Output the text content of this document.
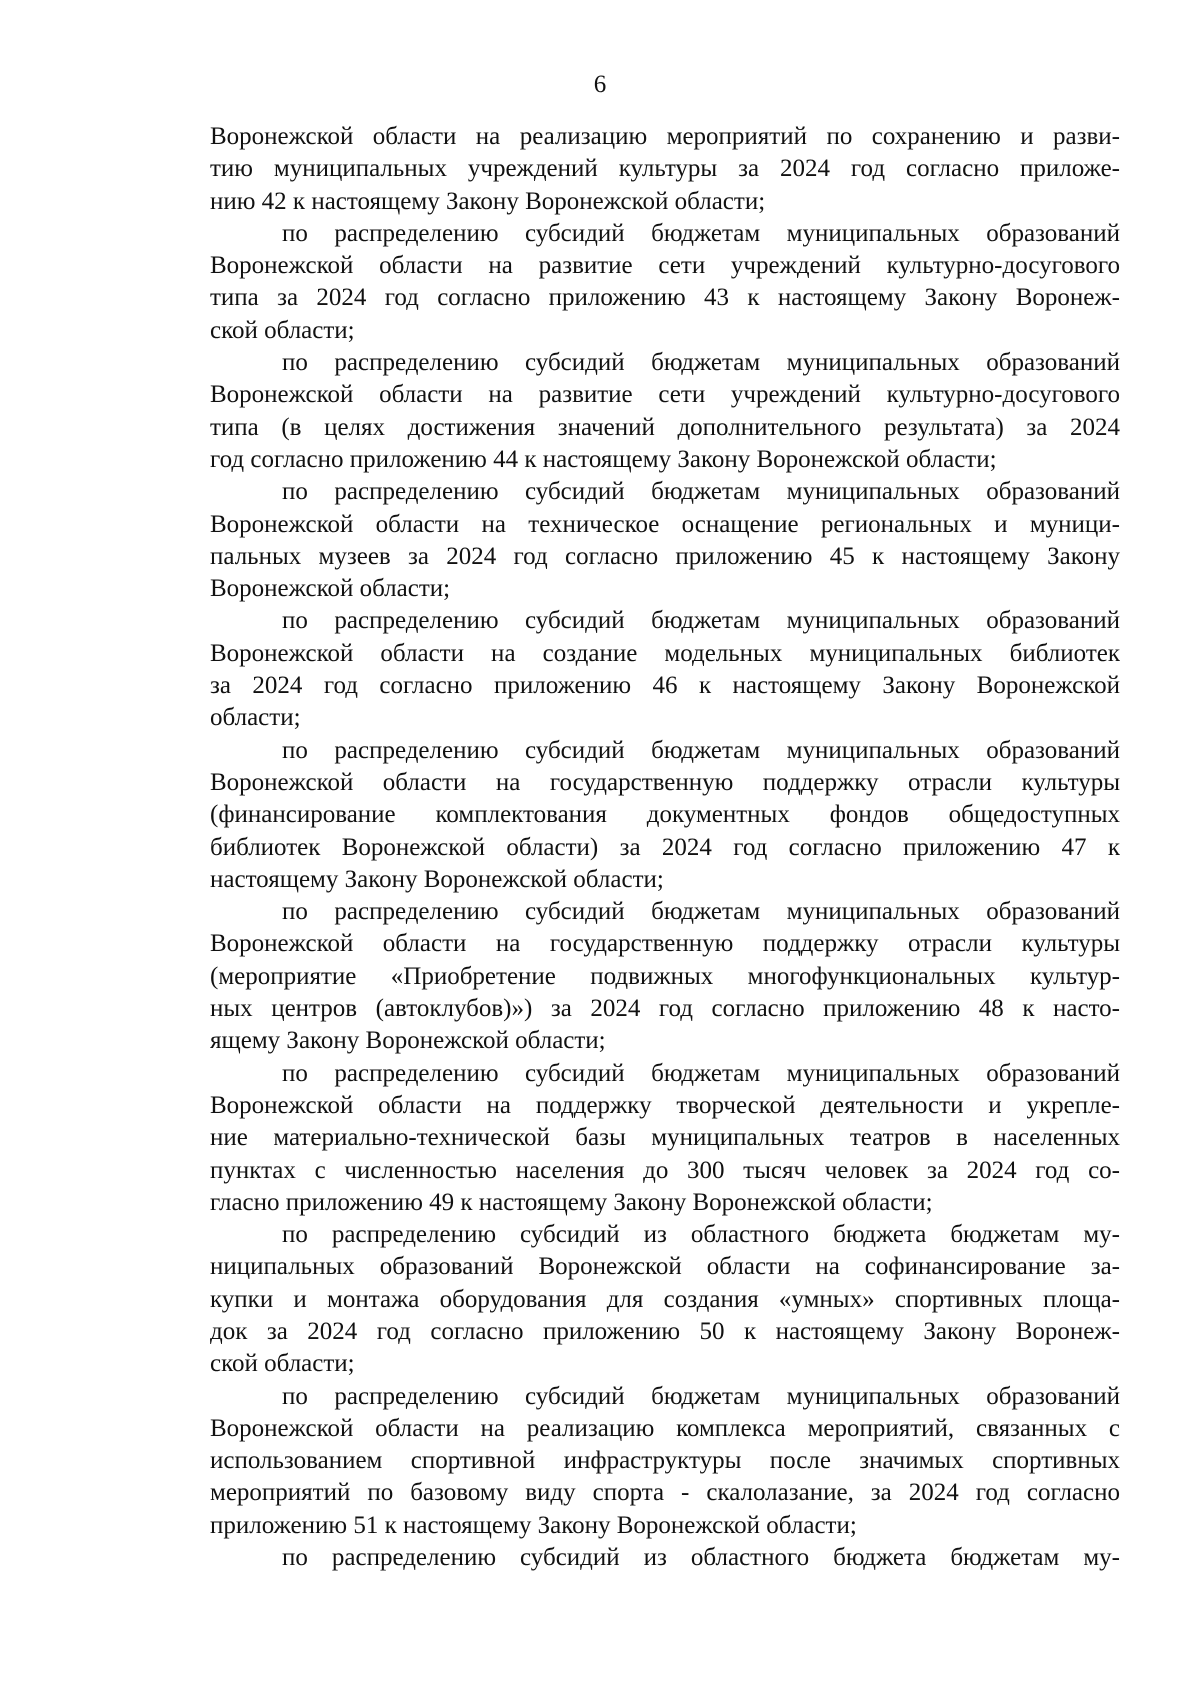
6
Воронежской области на реализацию мероприятий по сохранению и разви-
тию муниципальных учреждений культуры за 2024 год согласно приложе-
нию 42 к настоящему Закону Воронежской области;
по распределению субсидий бюджетам муниципальных образований
Воронежской области на развитие сети учреждений культурно-досугового
типа за 2024 год согласно приложению 43 к настоящему Закону Воронеж-
ской области;
по распределению субсидий бюджетам муниципальных образований
Воронежской области на развитие сети учреждений культурно-досугового
типа (в целях достижения значений дополнительного результата) за 2024
год согласно приложению 44 к настоящему Закону Воронежской области;
по распределению субсидий бюджетам муниципальных образований
Воронежской области на техническое оснащение региональных и муници-
пальных музеев за 2024 год согласно приложению 45 к настоящему Закону
Воронежской области;
по распределению субсидий бюджетам муниципальных образований
Воронежской области на создание модельных муниципальных библиотек
за 2024 год согласно приложению 46 к настоящему Закону Воронежской
области;
по распределению субсидий бюджетам муниципальных образований
Воронежской области на государственную поддержку отрасли культуры
(финансирование комплектования документных фондов общедоступных
библиотек Воронежской области) за 2024 год согласно приложению 47 к
настоящему Закону Воронежской области;
по распределению субсидий бюджетам муниципальных образований
Воронежской области на государственную поддержку отрасли культуры
(мероприятие «Приобретение подвижных многофункциональных культур-
ных центров (автоклубов)») за 2024 год согласно приложению 48 к насто-
ящему Закону Воронежской области;
по распределению субсидий бюджетам муниципальных образований
Воронежской области на поддержку творческой деятельности и укрепле-
ние материально-технической базы муниципальных театров в населенных
пунктах с численностью населения до 300 тысяч человек за 2024 год со-
гласно приложению 49 к настоящему Закону Воронежской области;
по распределению субсидий из областного бюджета бюджетам му-
ниципальных образований Воронежской области на софинансирование за-
купки и монтажа оборудования для создания «умных» спортивных площа-
док за 2024 год согласно приложению 50 к настоящему Закону Воронеж-
ской области;
по распределению субсидий бюджетам муниципальных образований
Воронежской области на реализацию комплекса мероприятий, связанных с
использованием спортивной инфраструктуры после значимых спортивных
мероприятий по базовому виду спорта - скалолазание, за 2024 год согласно
приложению 51 к настоящему Закону Воронежской области;
по распределению субсидий из областного бюджета бюджетам му-
